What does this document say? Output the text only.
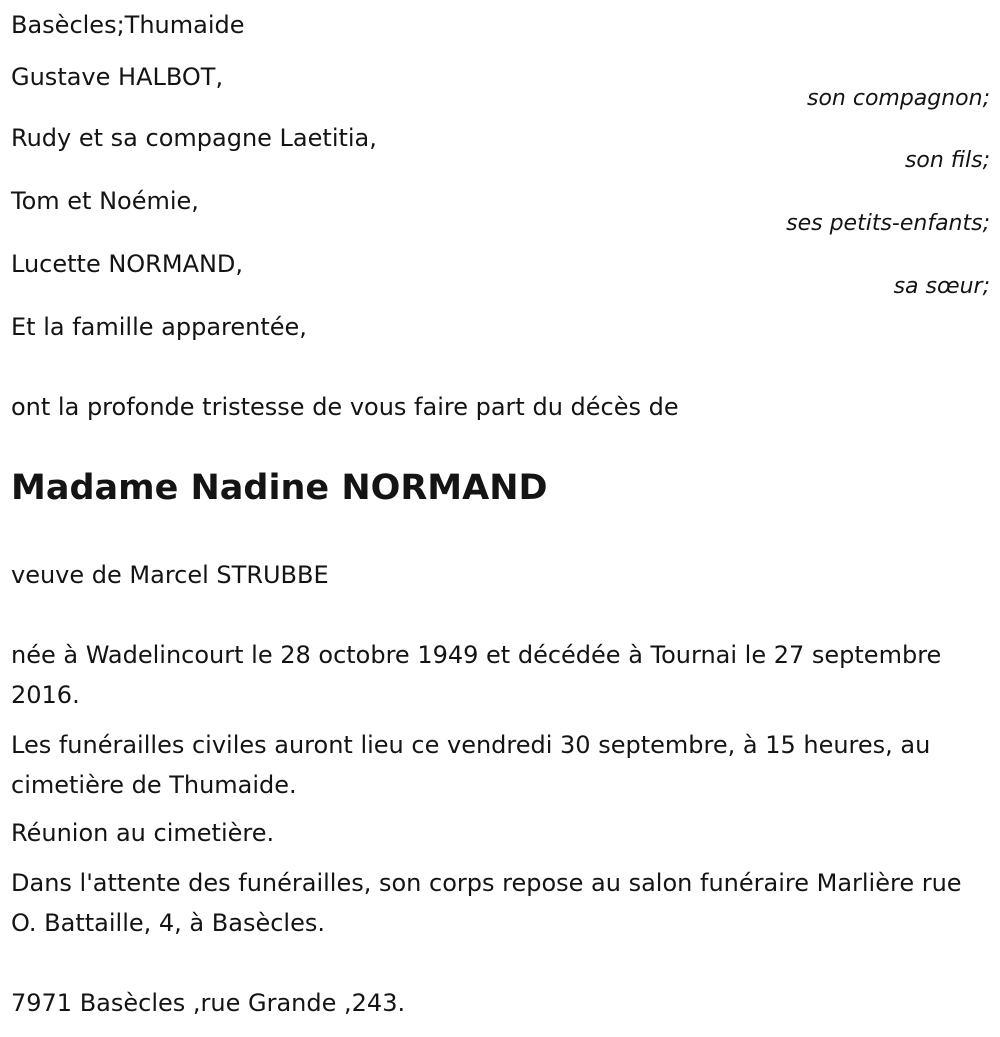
Basècles;Thumaide
Gustave HALBOT,
son compagnon;
Rudy et sa compagne Laetitia,
son fils;
Tom et Noémie,
ses petits-enfants;
Lucette NORMAND,
sa sœur;
Et la famille apparentée,
ont la profonde tristesse de vous faire part du décès de
Madame Nadine NORMAND
veuve de Marcel STRUBBE
née à Wadelincourt le 28 octobre 1949 et décédée à Tournai le 27 septembre 2016.
Les funérailles civiles auront lieu ce vendredi 30 septembre, à 15 heures, au cimetière de Thumaide.
Réunion au cimetière.
Dans l'attente des funérailles, son corps repose au salon funéraire Marlière rue O. Battaille, 4, à Basècles.
7971 Basècles ,rue Grande ,243.
